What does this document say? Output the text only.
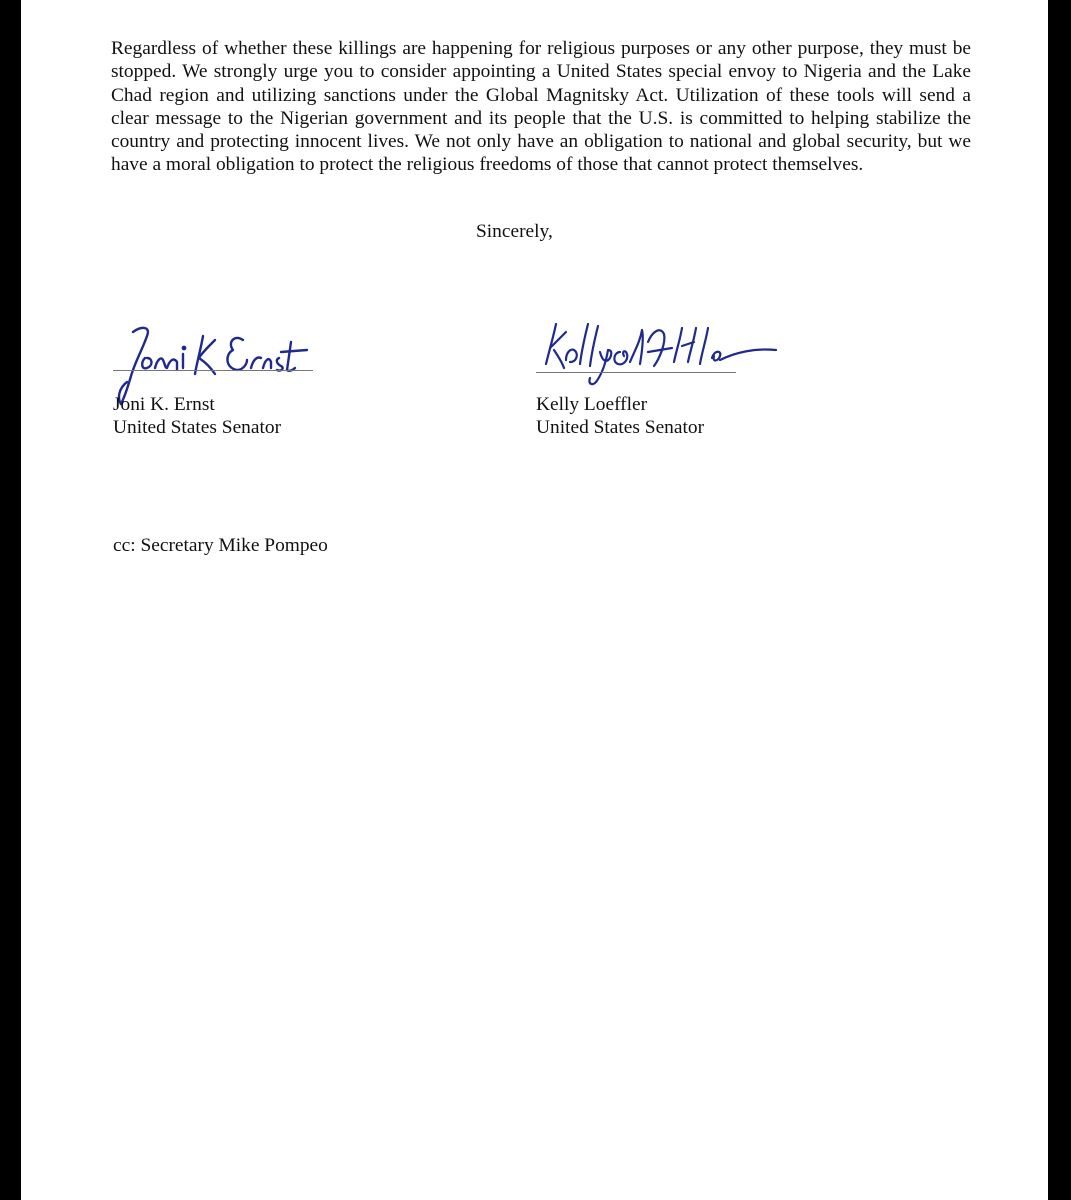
Regardless of whether these killings are happening for religious purposes or any other purpose, they must be stopped. We strongly urge you to consider appointing a United States special envoy to Nigeria and the Lake Chad region and utilizing sanctions under the Global Magnitsky Act. Utilization of these tools will send a clear message to the Nigerian government and its people that the U.S. is committed to helping stabilize the country and protecting innocent lives. We not only have an obligation to national and global security, but we have a moral obligation to protect the religious freedoms of those that cannot protect themselves.

Sincerely,
Joni K. Ernst
United States Senator
Kelly Loeffler
United States Senator
cc: Secretary Mike Pompeo
